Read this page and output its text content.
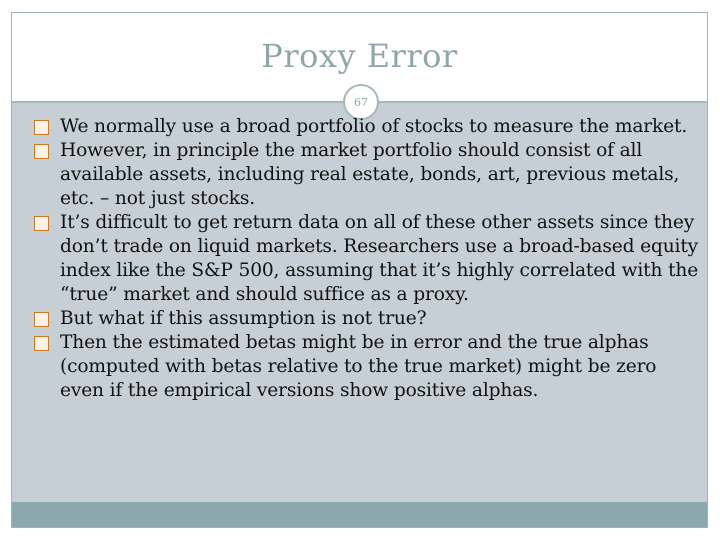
Proxy Error
67
We normally use a broad portfolio of stocks to measure the market.
However, in principle the market portfolio should consist of all available assets, including real estate, bonds, art, previous metals, etc. – not just stocks.
It’s difficult to get return data on all of these other assets since they don’t trade on liquid markets. Researchers use a broad-based equity index like the S&P 500, assuming that it’s highly correlated with the “true” market and should suffice as a proxy.
But what if this assumption is not true?
Then the estimated betas might be in error and the true alphas (computed with betas relative to the true market) might be zero even if the empirical versions show positive alphas.
